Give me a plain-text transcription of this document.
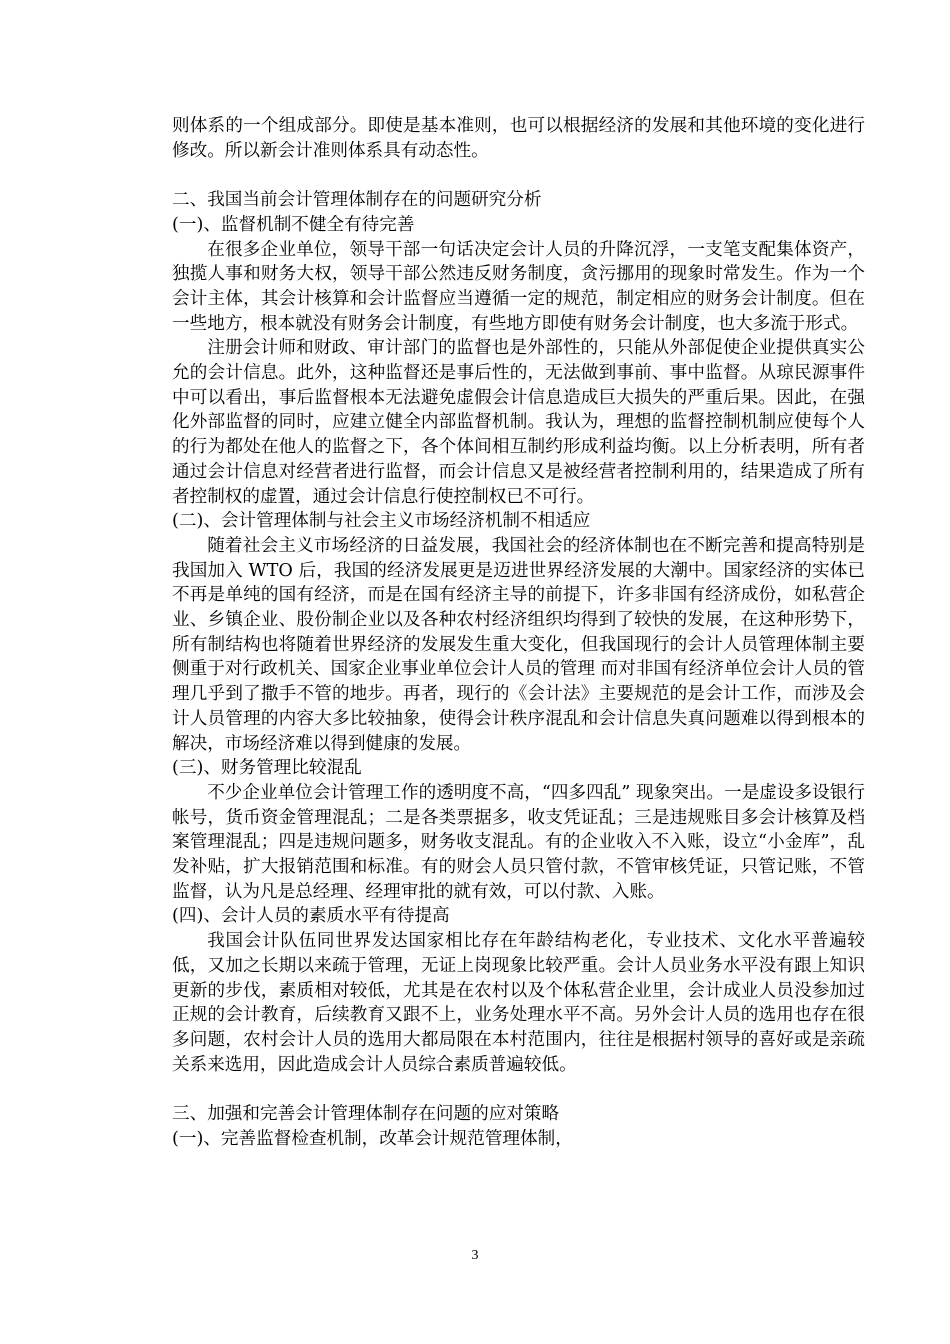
则体系的一个组成部分。即使是基本准则，也可以根据经济的发展和其他环境的变化进行修改。所以新会计准则体系具有动态性。

二、我国当前会计管理体制存在的问题研究分析

(一)、监督机制不健全有待完善

在很多企业单位，领导干部一句话决定会计人员的升降沉浮，一支笔支配集体资产，独揽人事和财务大权，领导干部公然违反财务制度，贪污挪用的现象时常发生。作为一个会计主体，其会计核算和会计监督应当遵循一定的规范，制定相应的财务会计制度。但在一些地方，根本就没有财务会计制度，有些地方即使有财务会计制度，也大多流于形式。

注册会计师和财政、审计部门的监督也是外部性的，只能从外部促使企业提供真实公允的会计信息。此外，这种监督还是事后性的，无法做到事前、事中监督。从琼民源事件中可以看出，事后监督根本无法避免虚假会计信息造成巨大损失的严重后果。因此，在强化外部监督的同时，应建立健全内部监督机制。我认为，理想的监督控制机制应使每个人的行为都处在他人的监督之下，各个体间相互制约形成利益均衡。以上分析表明，所有者通过会计信息对经营者进行监督，而会计信息又是被经营者控制利用的，结果造成了所有者控制权的虚置，通过会计信息行使控制权已不可行。

(二)、会计管理体制与社会主义市场经济机制不相适应

随着社会主义市场经济的日益发展，我国社会的经济体制也在不断完善和提高特别是我国加入 WTO 后，我国的经济发展更是迈进世界经济发展的大潮中。国家经济的实体已不再是单纯的国有经济，而是在国有经济主导的前提下，许多非国有经济成份，如私营企业、乡镇企业、股份制企业以及各种农村经济组织均得到了较快的发展，在这种形势下，所有制结构也将随着世界经济的发展发生重大变化，但我国现行的会计人员管理体制主要侧重于对行政机关、国家企业事业单位会计人员的管理 而对非国有经济单位会计人员的管理几乎到了撒手不管的地步。再者，现行的《会计法》主要规范的是会计工作，而涉及会计人员管理的内容大多比较抽象，使得会计秩序混乱和会计信息失真问题难以得到根本的解决，市场经济难以得到健康的发展。

(三)、财务管理比较混乱

不少企业单位会计管理工作的透明度不高，“四多四乱” 现象突出。一是虚设多设银行帐号，货币资金管理混乱；二是各类票据多，收支凭证乱；三是违规账目多会计核算及档案管理混乱；四是违规问题多，财务收支混乱。有的企业收入不入账，设立“小金库”，乱发补贴，扩大报销范围和标准。有的财会人员只管付款，不管审核凭证，只管记账，不管监督，认为凡是总经理、经理审批的就有效，可以付款、入账。

(四)、会计人员的素质水平有待提高

我国会计队伍同世界发达国家相比存在年龄结构老化，专业技术、文化水平普遍较低，又加之长期以来疏于管理，无证上岗现象比较严重。会计人员业务水平没有跟上知识更新的步伐，素质相对较低，尤其是在农村以及个体私营企业里，会计成业人员没参加过正规的会计教育，后续教育又跟不上，业务处理水平不高。另外会计人员的选用也存在很多问题，农村会计人员的选用大都局限在本村范围内，往往是根据村领导的喜好或是亲疏关系来选用，因此造成会计人员综合素质普遍较低。

三、加强和完善会计管理体制存在问题的应对策略

(一)、完善监督检查机制，改革会计规范管理体制，

3
